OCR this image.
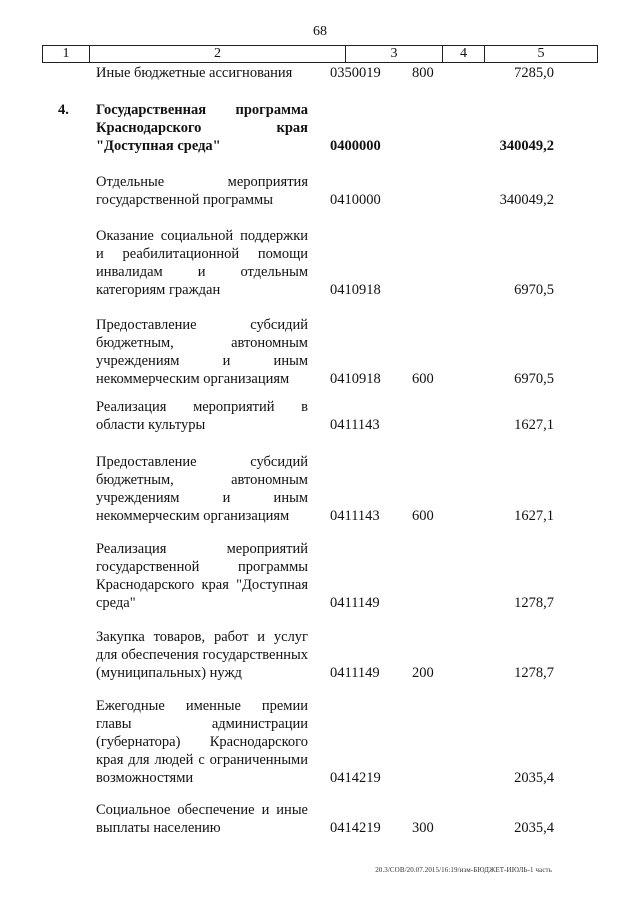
68
1	2	3	4	5
Иные бюджетные ассигнования	0350019 800	7285,0
4. Государственная программа Краснодарского края "Доступная среда"	0400000	340049,2
Отдельные мероприятия государственной программы	0410000	340049,2
Оказание социальной поддержки и реабилитационной помощи инвалидам и отдельным категориям граждан	0410918	6970,5
Предоставление субсидий бюджетным, автономным учреждениям и иным некоммерческим организациям	0410918 600	6970,5
Реализация мероприятий в области культуры	0411143	1627,1
Предоставление субсидий бюджетным, автономным учреждениям и иным некоммерческим организациям	0411143 600	1627,1
Реализация мероприятий государственной программы Краснодарского края "Доступная среда"	0411149	1278,7
Закупка товаров, работ и услуг для обеспечения государственных (муниципальных) нужд	0411149 200	1278,7
Ежегодные именные премии главы администрации (губернатора) Краснодарского края для людей с ограниченными возможностями	0414219	2035,4
Социальное обеспечение и иные выплаты населению	0414219 300	2035,4
20.3/СОВ/20.07.2015/16:19/изм-БЮДЖЕТ-ИЮЛЬ-1 часть
